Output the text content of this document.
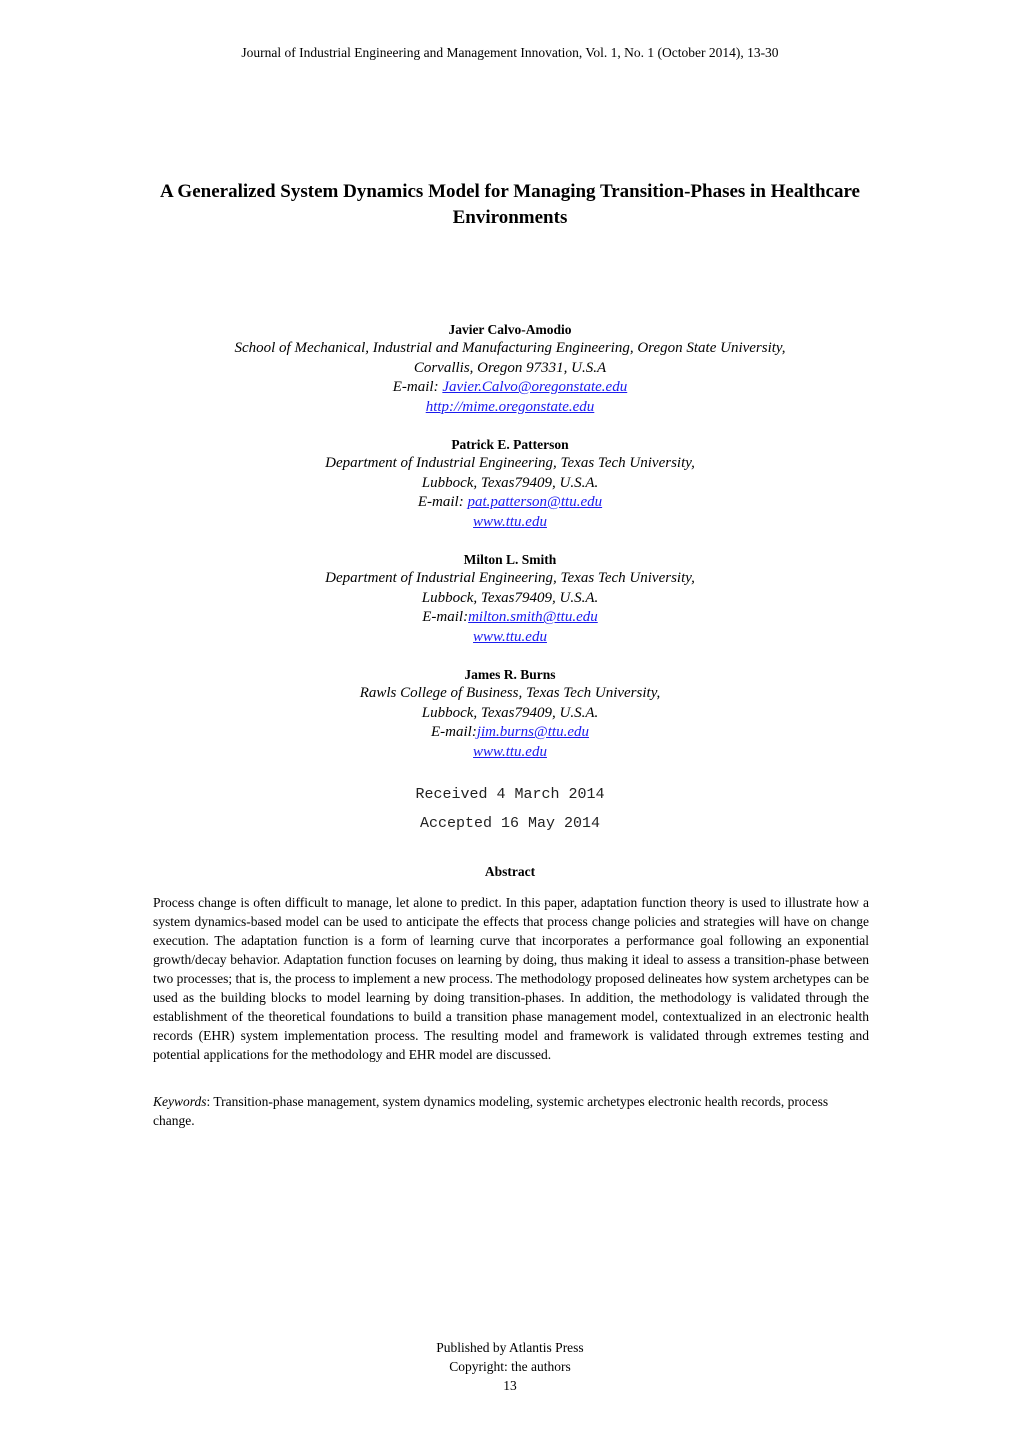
Journal of Industrial Engineering and Management Innovation, Vol. 1, No. 1 (October 2014), 13-30
A Generalized System Dynamics Model for Managing Transition-Phases in Healthcare Environments
Javier Calvo-Amodio
School of Mechanical, Industrial and Manufacturing Engineering, Oregon State University,
Corvallis, Oregon 97331, U.S.A
E-mail: Javier.Calvo@oregonstate.edu
http://mime.oregonstate.edu
Patrick E. Patterson
Department of Industrial Engineering, Texas Tech University,
Lubbock, Texas79409, U.S.A.
E-mail: pat.patterson@ttu.edu
www.ttu.edu
Milton L. Smith
Department of Industrial Engineering, Texas Tech University,
Lubbock, Texas79409, U.S.A.
E-mail:milton.smith@ttu.edu
www.ttu.edu
James R. Burns
Rawls College of Business, Texas Tech University,
Lubbock, Texas79409, U.S.A.
E-mail:jim.burns@ttu.edu
www.ttu.edu
Received 4 March 2014
Accepted 16 May 2014
Abstract

Process change is often difficult to manage, let alone to predict. In this paper, adaptation function theory is used to illustrate how a system dynamics-based model can be used to anticipate the effects that process change policies and strategies will have on change execution. The adaptation function is a form of learning curve that incorporates a performance goal following an exponential growth/decay behavior. Adaptation function focuses on learning by doing, thus making it ideal to assess a transition-phase between two processes; that is, the process to implement a new process. The methodology proposed delineates how system archetypes can be used as the building blocks to model learning by doing transition-phases. In addition, the methodology is validated through the establishment of the theoretical foundations to build a transition phase management model, contextualized in an electronic health records (EHR) system implementation process. The resulting model and framework is validated through extremes testing and potential applications for the methodology and EHR model are discussed.

Keywords: Transition-phase management, system dynamics modeling, systemic archetypes electronic health records, process change.

Published by Atlantis Press
Copyright: the authors
13
